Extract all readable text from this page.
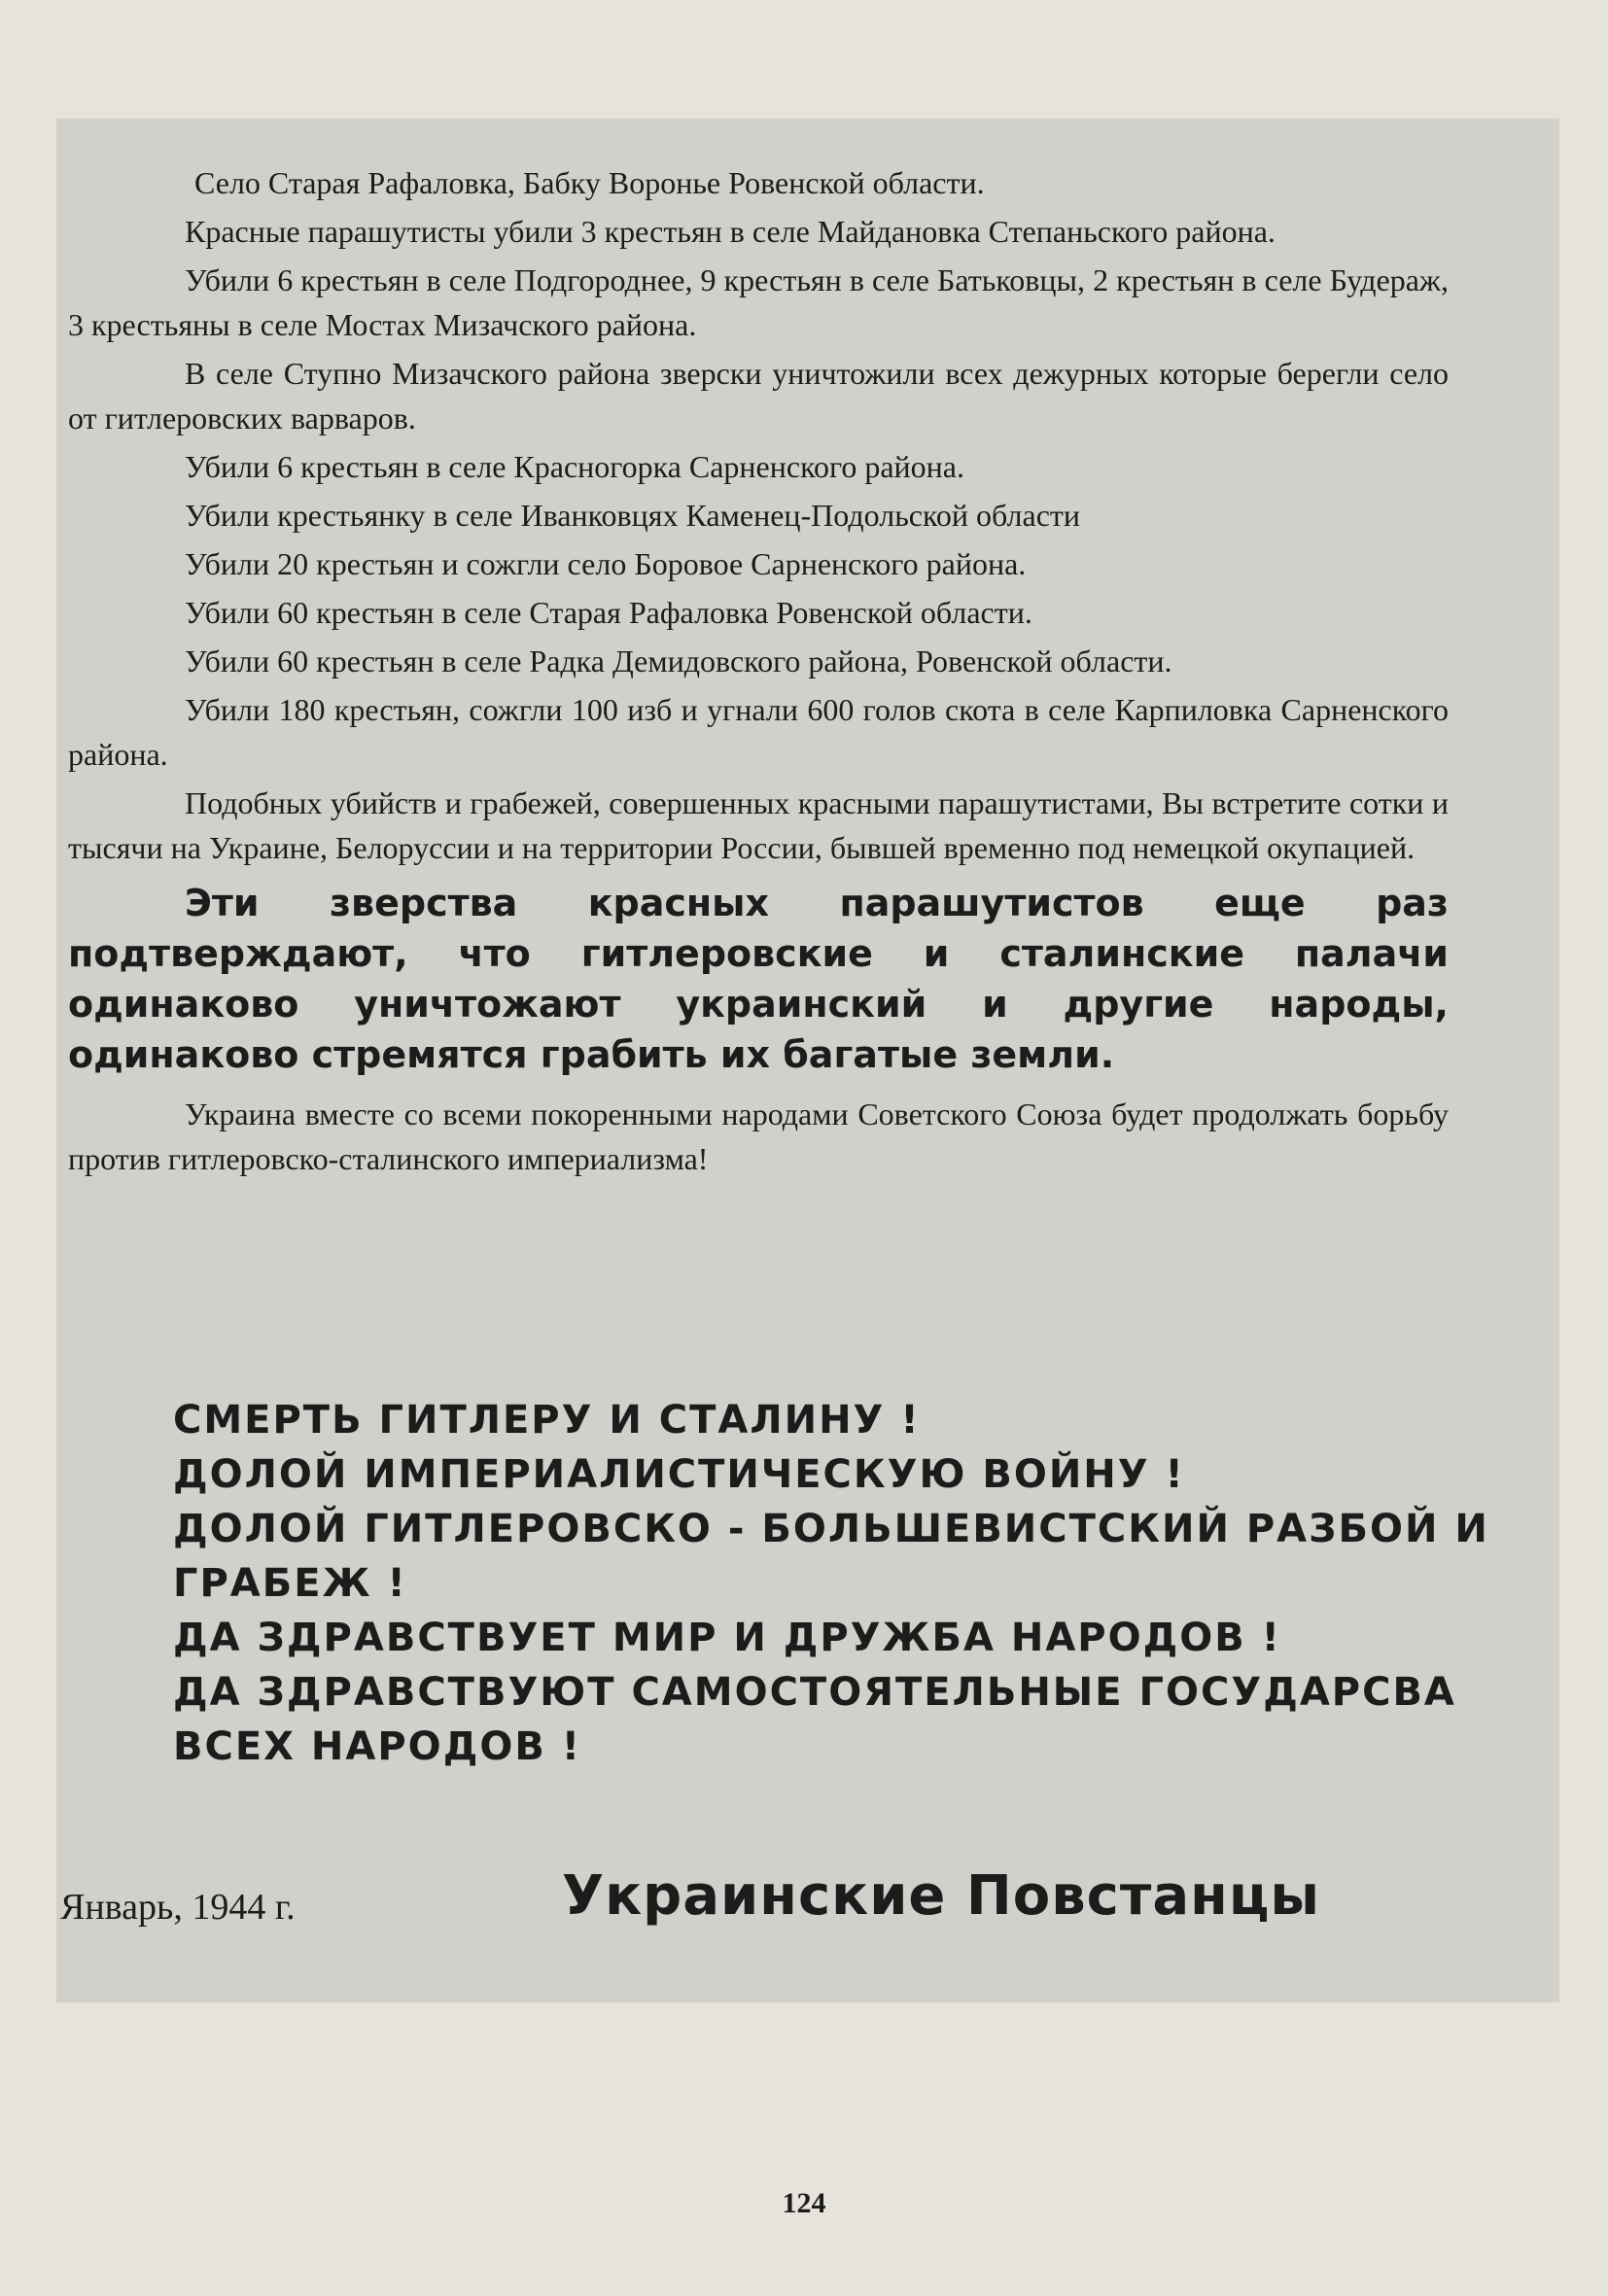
Село Старая Рафаловка, Бабку Воронье Ровенской области.

Красные парашутисты убили 3 крестьян в селе Майдановка Степаньского района.

Убили 6 крестьян в селе Подгороднее, 9 крестьян в селе Батьковцы, 2 крестьян в селе Будераж, 3 крестьяны в селе Мостах Мизачского района.

В селе Ступно Мизачского района зверски уничтожили всех дежурных которые берегли село от гитлеровских варваров.

Убили 6 крестьян в селе Красногорка Сарненского района.

Убили крестьянку в селе Иванковцях Каменец-Подольской области

Убили 20 крестьян и сожгли село Боровое Сарненского района.

Убили 60 крестьян в селе Старая Рафаловка Ровенской области.

Убили 60 крестьян в селе Радка Демидовского района, Ровенской области.

Убили 180 крестьян, сожгли 100 изб и угнали 600 голов скота в селе Карпиловка Сарненского района.

Подобных убийств и грабежей, совершенных красными парашутистами, Вы встретите сотки и тысячи на Украине, Белоруссии и на территории России, бывшей временно под немецкой окупацией.

Эти зверства красных парашутистов еще раз подтверждают, что гитлеровские и сталинские палачи одинаково уничтожают украинский и другие народы, одинаково стремятся грабить их багатые земли.

Украина вместе со всеми покоренными народами Советского Союза будет продолжать борьбу против гитлеровско-сталинского империализма!

СМЕРТЬ ГИТЛЕРУ И СТАЛИНУ !
ДОЛОЙ ИМПЕРИАЛИСТИЧЕСКУЮ ВОЙНУ !
ДОЛОЙ ГИТЛЕРОВСКО - БОЛЬШЕВИСТСКИЙ РАЗБОЙ И ГРАБЕЖ !
ДА ЗДРАВСТВУЕТ МИР И ДРУЖБА НАРОДОВ !
ДА ЗДРАВСТВУЮТ САМОСТОЯТЕЛЬНЫЕ ГОСУДАРСВА ВСЕХ НАРОДОВ !
Январь, 1944 г.	Украинские Повстанцы
124
